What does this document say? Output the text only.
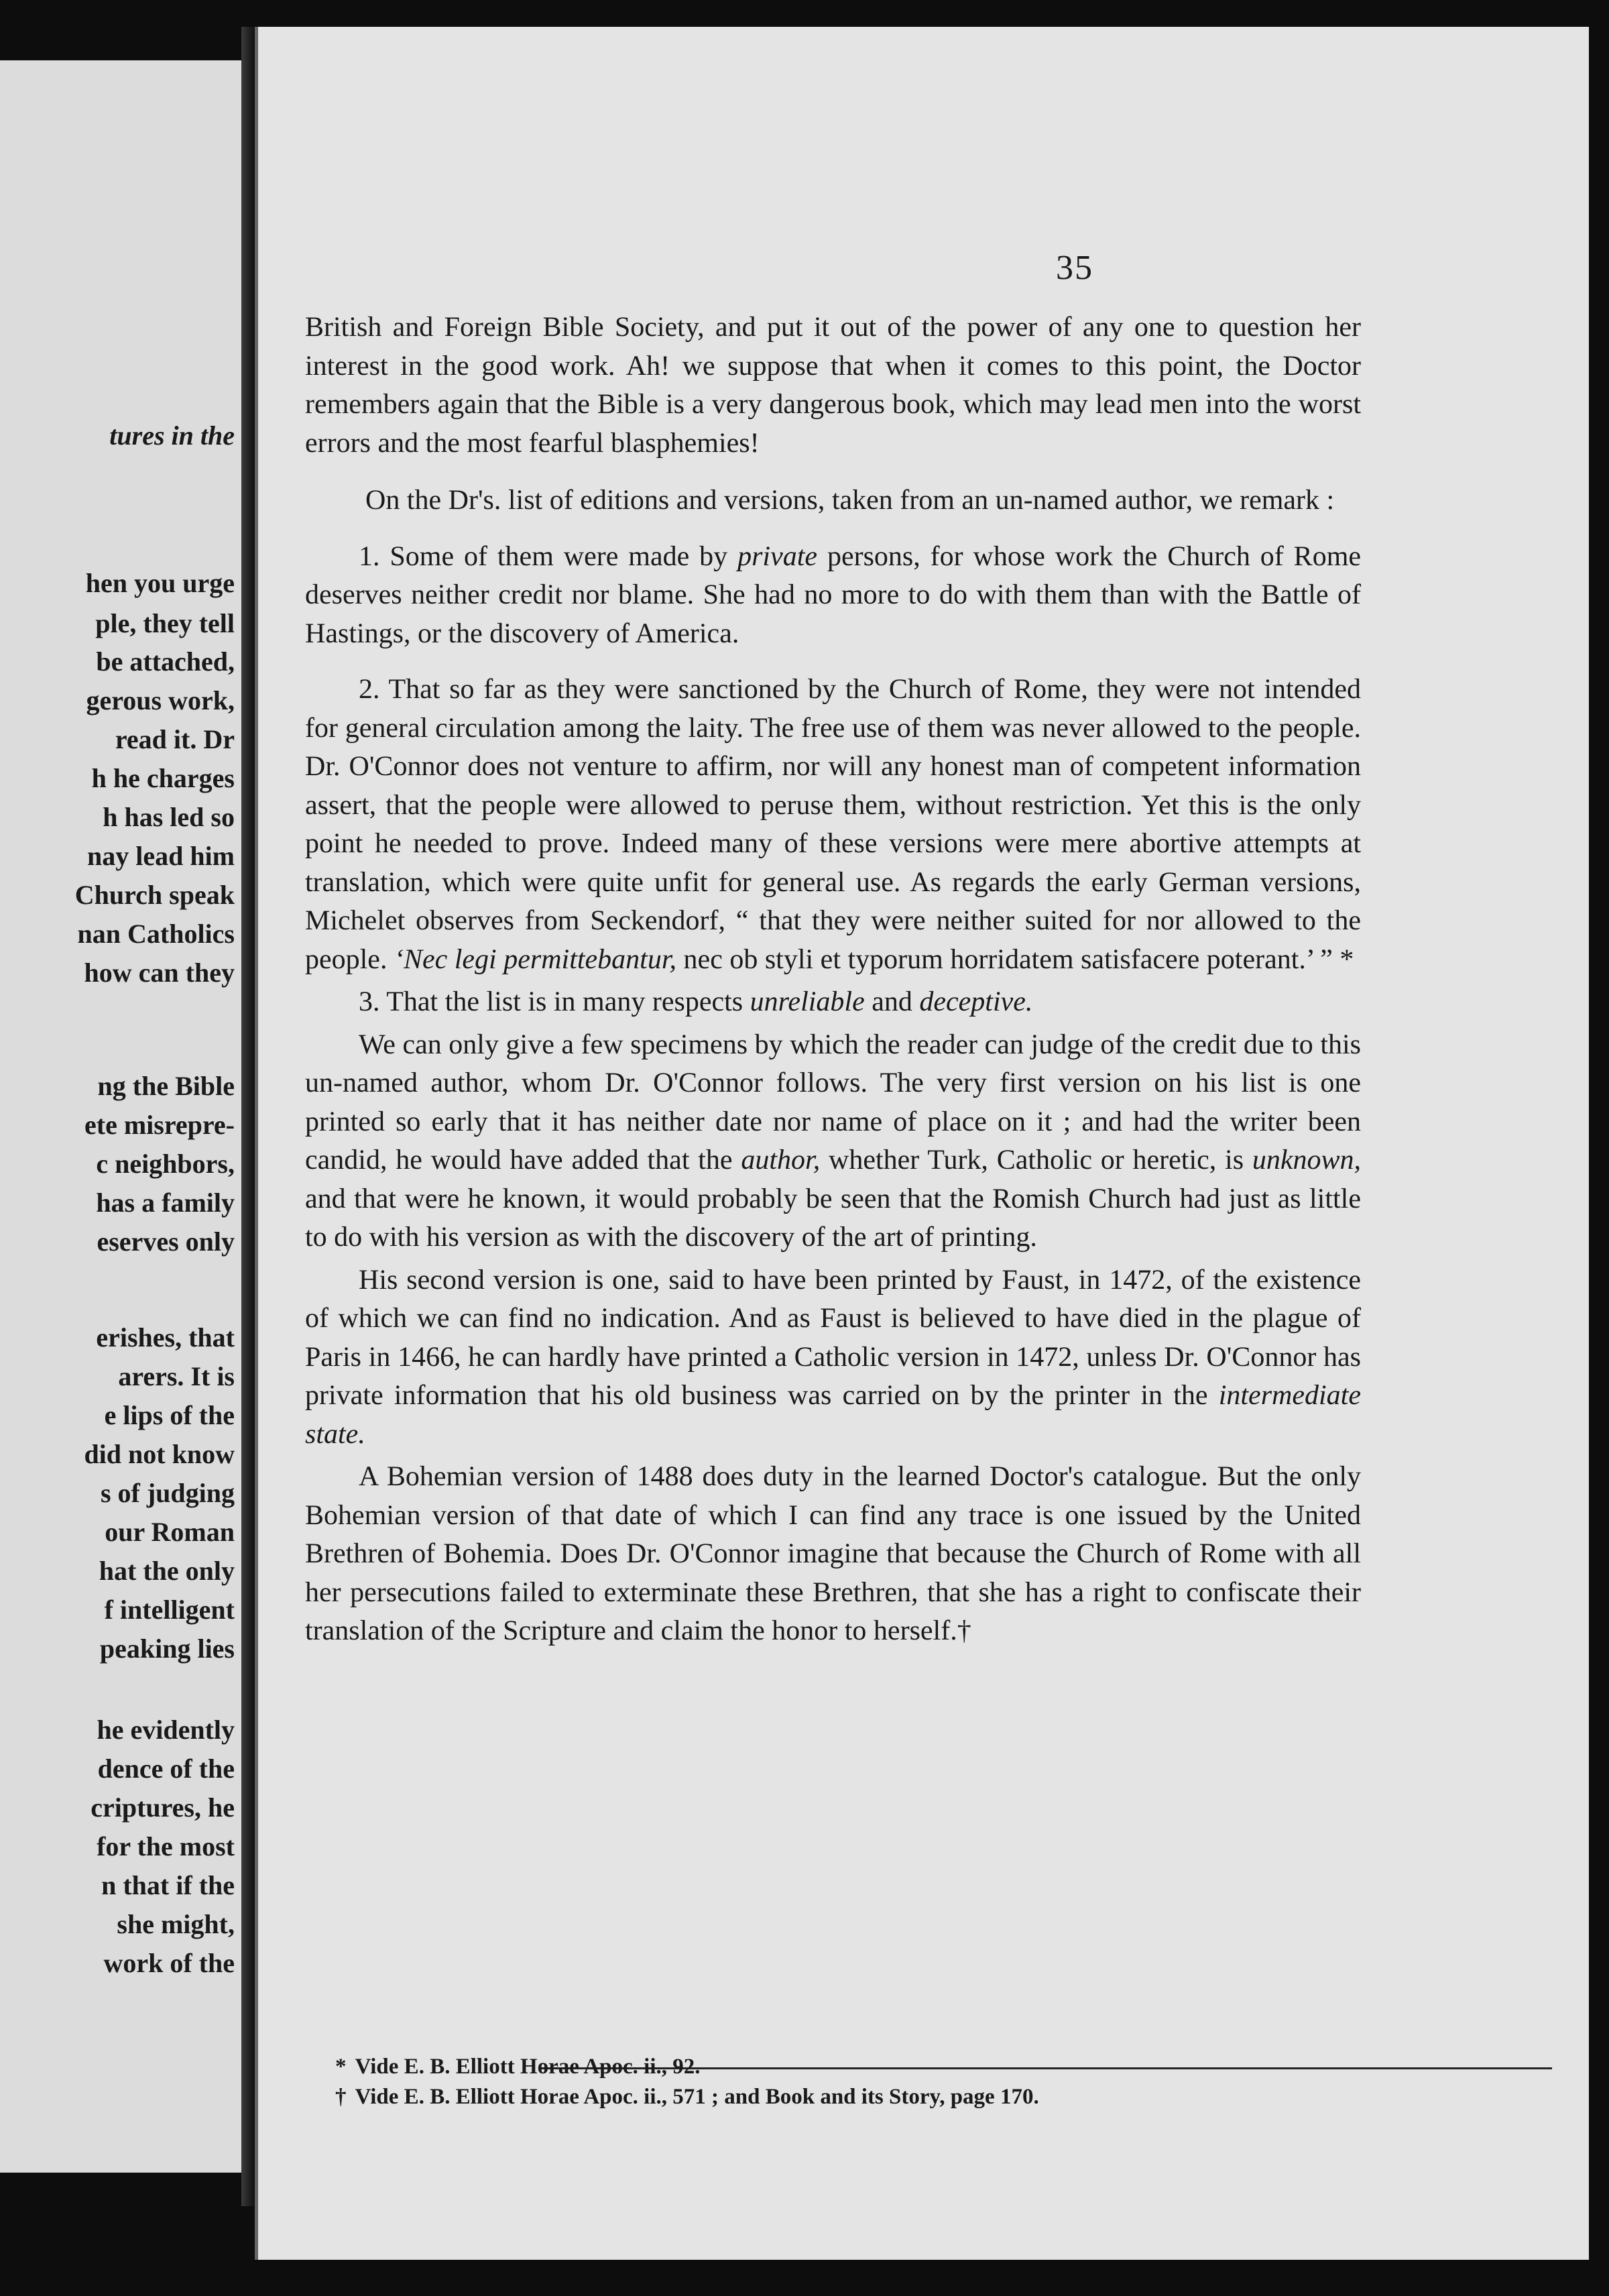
tures in the
hen you urge
ple, they tell
be attached,
gerous work,
read it. Dr
h he charges
h has led so
nay lead him
Church speak
nan Catholics
how can they
ng the Bible
ete misrepre-
c neighbors,
has a family
eserves only
erishes, that
arers. It is
e lips of the
did not know
s of judging
our Roman
hat the only
f intelligent
peaking lies
he evidently
dence of the
criptures, he
for the most
n that if the
she might,
work of the
35

British and Foreign Bible Society, and put it out of the power of any one to question her interest in the good work. Ah! we suppose that when it comes to this point, the Doctor remembers again that the Bible is a very dangerous book, which may lead men into the worst errors and the most fearful blasphemies!

On the Dr's. list of editions and versions, taken from an un-named author, we remark :

1. Some of them were made by private persons, for whose work the Church of Rome deserves neither credit nor blame. She had no more to do with them than with the Battle of Hastings, or the discovery of America.

2. That so far as they were sanctioned by the Church of Rome, they were not intended for general circulation among the laity. The free use of them was never allowed to the people. Dr. O'Connor does not venture to affirm, nor will any honest man of competent information assert, that the people were allowed to peruse them, without restriction. Yet this is the only point he needed to prove. Indeed many of these versions were mere abortive attempts at translation, which were quite unfit for general use. As regards the early German versions, Michelet observes from Seckendorf, “ that they were neither suited for nor allowed to the people. ‘Nec legi permittebantur, nec ob styli et typorum horridatem satisfacere poterant.’ ” *

3. That the list is in many respects unreliable and deceptive.

We can only give a few specimens by which the reader can judge of the credit due to this un-named author, whom Dr. O'Connor follows. The very first version on his list is one printed so early that it has neither date nor name of place on it ; and had the writer been candid, he would have added that the author, whether Turk, Catholic or heretic, is unknown, and that were he known, it would probably be seen that the Romish Church had just as little to do with his version as with the discovery of the art of printing.

His second version is one, said to have been printed by Faust, in 1472, of the existence of which we can find no indication. And as Faust is believed to have died in the plague of Paris in 1466, he can hardly have printed a Catholic version in 1472, unless Dr. O'Connor has private information that his old business was carried on by the printer in the intermediate state.

A Bohemian version of 1488 does duty in the learned Doctor's catalogue. But the only Bohemian version of that date of which I can find any trace is one issued by the United Brethren of Bohemia. Does Dr. O'Connor imagine that because the Church of Rome with all her persecutions failed to exterminate these Brethren, that she has a right to confiscate their translation of the Scripture and claim the honor to herself.†

* Vide E. B. Elliott Horae Apoc. ii., 92.
† Vide E. B. Elliott Horae Apoc. ii., 571 ; and Book and its Story, page 170.
